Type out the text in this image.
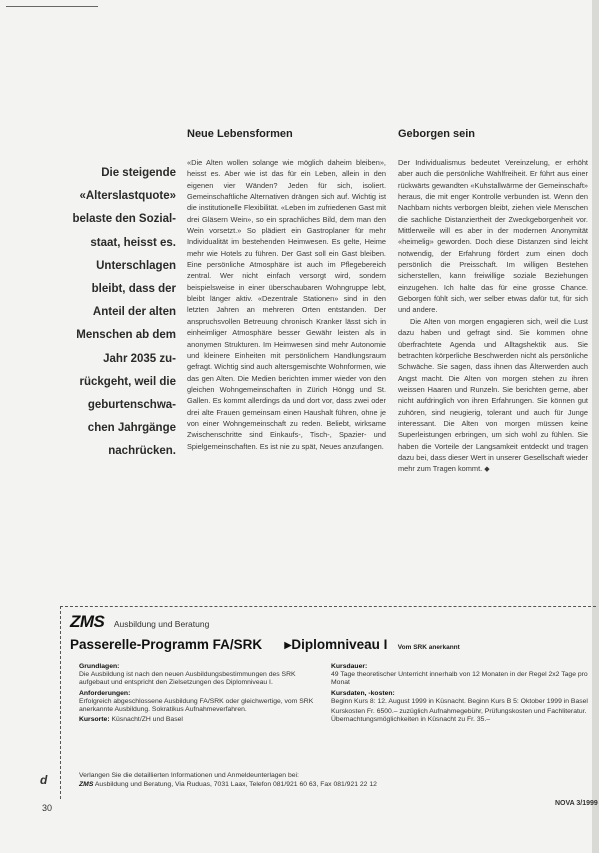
Die steigende
«Alterslastquote»
belaste den Sozial-
staat, heisst es.
Unterschlagen
bleibt, dass der
Anteil der alten
Menschen ab dem
Jahr 2035 zu-
rückgeht, weil die
geburtenschwa-
chen Jahrgänge
nachrücken.
Neue Lebensformen

«Die Alten wollen solange wie möglich daheim bleiben», heisst es. Aber wie ist das für ein Leben, allein in den eigenen vier Wänden? Jeden für sich, isoliert. Gemeinschaftliche Alternativen drängen sich auf. Wichtig ist die institutionelle Flexibilität. «Leben im zufriedenen Gast mit drei Gläsern Wein», so ein sprachliches Bild, dem man den Wein vorsetzt.» So plädiert ein Gastroplaner für mehr Individualität im bestehenden Heimwesen. Es gelte, Heime mehr wie Hotels zu führen. Der Gast soll ein Gast bleiben. Eine persönliche Atmosphäre ist auch im Pflegebereich zentral. Wer nicht einfach versorgt wird, sondern beispielsweise in einer überschaubaren Wohngruppe lebt, bleibt länger aktiv. «Dezentrale Stationen» sind in den letzten Jahren an mehreren Orten entstanden. Der anspruchsvollen Betreuung chronisch Kranker lässt sich in einheimliger Atmosphäre besser Gewähr leisten als in anonymen Strukturen. Im Heimwesen sind mehr Autonomie und kleinere Einheiten mit persönlichem Handlungsraum gefragt. Wichtig sind auch altersgemischte Wohnformen, wie das gen Alten. Die Medien berichten immer wieder von den gleichen Wohngemeinschaften in Zürich Höngg und St. Gallen. Es kommt allerdings da und dort vor, dass zwei oder drei alte Frauen gemeinsam einen Haushalt führen, ohne je von einer Wohngemeinschaft zu reden. Beliebt, wirksame Zwischenschritte sind Einkaufs-, Tisch-, Spazier- und Spielgemeinschaften. Es ist nie zu spät, Neues anzufangen.

Geborgen sein

Der Individualismus bedeutet Vereinzelung, er erhöht aber auch die persönliche Wahlfreiheit. Er führt aus einer rückwärts gewandten «Kuhstallwärme der Gemeinschaft» heraus, die mit enger Kontrolle verbunden ist. Wenn den Nachbarn nichts verborgen bleibt, ziehen viele Menschen die sachliche Distanziertheit der Zweckgeborgenheit vor. Mittlerweile will es aber in der modernen Anonymität «heimelig» geworden. Doch diese Distanzen sind leicht notwendig, der Erfahrung fördert zum einen doch persönlich die Preisschaft. Im willigen Bestehen sicherstellen, kann freiwillige soziale Beziehungen einzugehen. Ich halte das für eine grosse Chance. Geborgen fühlt sich, wer selber etwas dafür tut, für sich und andere.

Die Alten von morgen engagieren sich, weil die Lust dazu haben und gefragt sind. Sie kommen ohne überfrachtete Agenda und Alltagshektik aus. Sie betrachten körperliche Beschwerden nicht als persönliche Schwäche. Sie sagen, dass ihnen das Älterwerden auch Angst macht. Die Alten von morgen stehen zu ihren weissen Haaren und Runzeln. Sie berichten gerne, aber nicht aufdringlich von ihren Erfahrungen. Sie können gut zuhören, sind neugierig, tolerant und auch für Junge interessant. Die Alten von morgen müssen keine Superleistungen erbringen, um sich wohl zu fühlen. Sie haben die Vorteile der Langsamkeit entdeckt und tragen dazu bei, dass dieser Wert in unserer Gesellschaft wieder mehr zum Tragen kommt. ◆

ZMS Ausbildung und Beratung
Passerelle-Programm FA/SRK ▸Diplomniveau I Vom SRK anerkannt
Grundlagen:
Die Ausbildung ist nach den neuen Ausbildungsbestimmungen des SRK aufgebaut und entspricht den Zielsetzungen des Diplomniveau I.
Anforderungen:
Erfolgreich abgeschlossene Ausbildung FA/SRK oder gleichwertige, vom SRK anerkannte Ausbildung. Sokratikus Aufnahmeverfahren.
Kursorte: Küsnacht/ZH und Basel
Kursdauer:
49 Tage theoretischer Unterricht innerhalb von 12 Monaten in der Regel 2x2 Tage pro Monat
Kursdaten, -kosten:
Beginn Kurs 8: 12. August 1999 in Küsnacht. Beginn Kurs B 5: Oktober 1999 in Basel
Kurskosten Fr. 6500.– zuzüglich Aufnahmegebühr, Prüfungskosten und Fachliteratur. Übernachtungsmöglichkeiten in Küsnacht zu Fr. 35.–
Verlangen Sie die detaillierten Informationen und Anmeldeunterlagen bei:
ZMS Ausbildung und Beratung, Via Ruduas, 7031 Laax, Telefon 081/921 60 63, Fax 081/921 22 12
d
30	NOVA 3/1999
